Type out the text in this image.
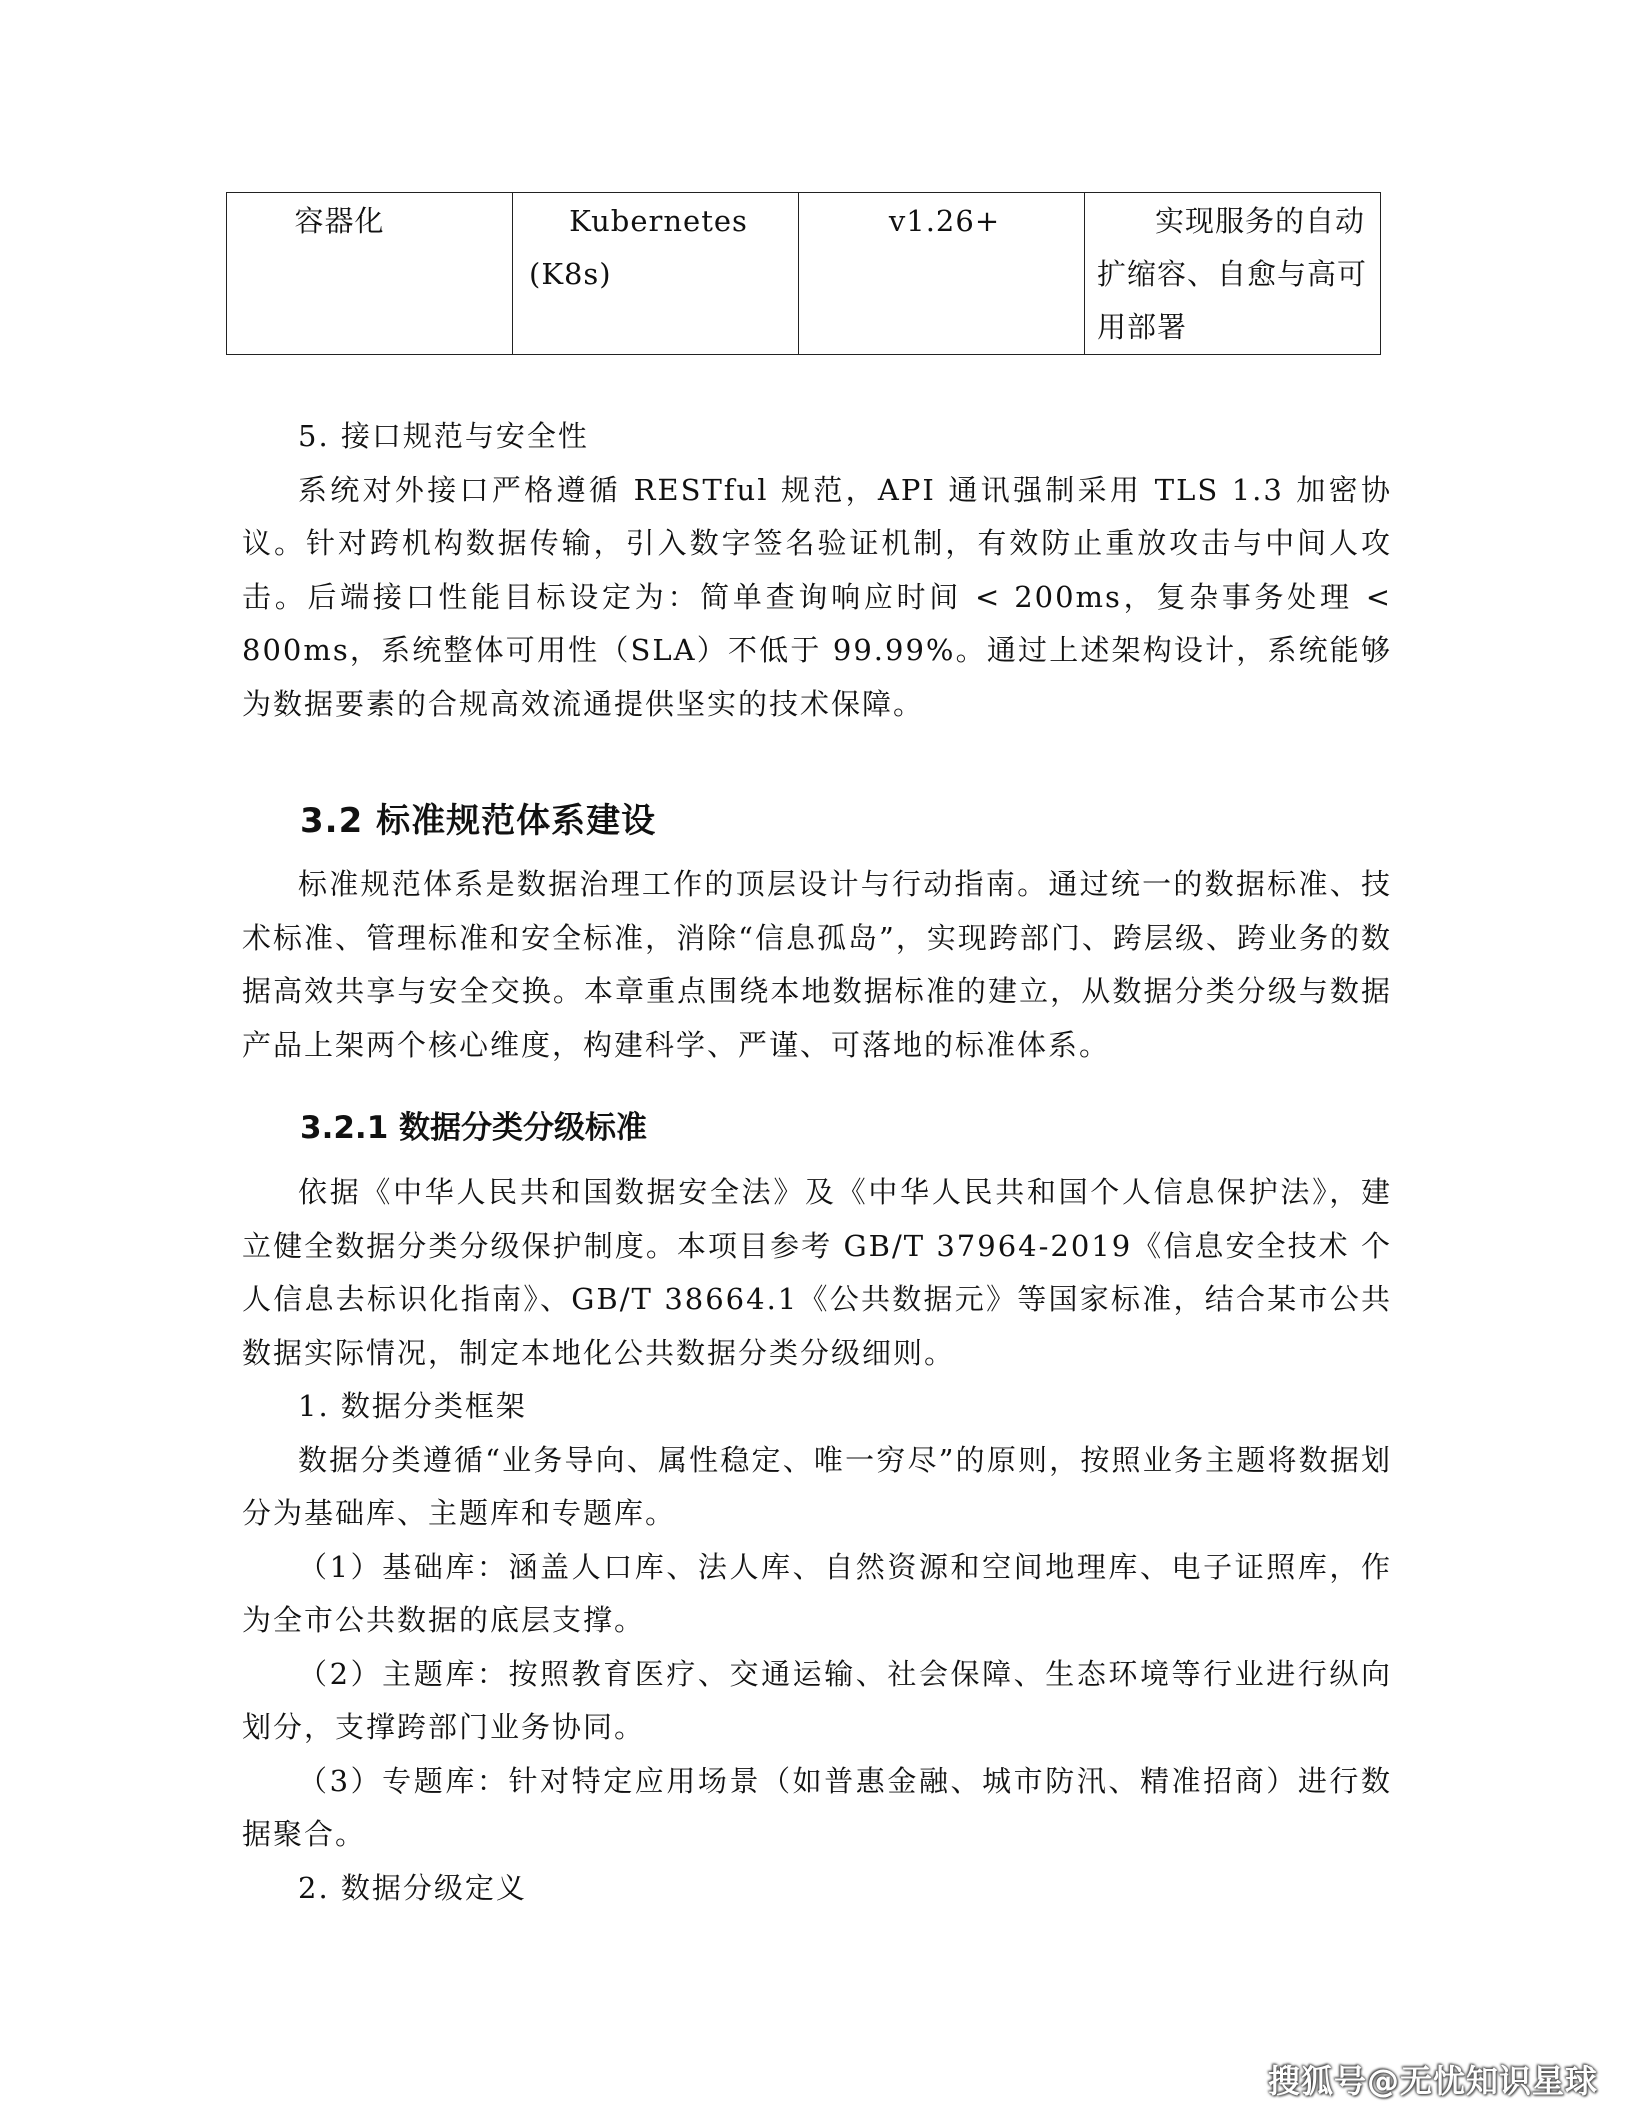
容器化	Kubernetes
(K8s)
	v1.26+	实现服务的自动扩缩容、自愈与高可用部署

5. 接口规范与安全性

系统对外接口严格遵循 RESTful 规范，API 通讯强制采用 TLS 1.3 加密协议。针对跨机构数据传输，引入数字签名验证机制，有效防止重放攻击与中间人攻击。后端接口性能目标设定为：简单查询响应时间 < 200ms，复杂事务处理 < 800ms，系统整体可用性（SLA）不低于 99.99%。通过上述架构设计，系统能够为数据要素的合规高效流通提供坚实的技术保障。

3.2 标准规范体系建设

标准规范体系是数据治理工作的顶层设计与行动指南。通过统一的数据标准、技术标准、管理标准和安全标准，消除“信息孤岛”，实现跨部门、跨层级、跨业务的数据高效共享与安全交换。本章重点围绕本地数据标准的建立，从数据分类分级与数据产品上架两个核心维度，构建科学、严谨、可落地的标准体系。

3.2.1 数据分类分级标准

依据《中华人民共和国数据安全法》及《中华人民共和国个人信息保护法》，建立健全数据分类分级保护制度。本项目参考 GB/T 37964-2019《信息安全技术 个人信息去标识化指南》、GB/T 38664.1《公共数据元》等国家标准，结合某市公共数据实际情况，制定本地化公共数据分类分级细则。

1. 数据分类框架

数据分类遵循“业务导向、属性稳定、唯一穷尽”的原则，按照业务主题将数据划分为基础库、主题库和专题库。

（1）基础库：涵盖人口库、法人库、自然资源和空间地理库、电子证照库，作为全市公共数据的底层支撑。

（2）主题库：按照教育医疗、交通运输、社会保障、生态环境等行业进行纵向划分，支撑跨部门业务协同。

（3）专题库：针对特定应用场景（如普惠金融、城市防汛、精准招商）进行数据聚合。

2. 数据分级定义

搜狐号@无忧知识星球
